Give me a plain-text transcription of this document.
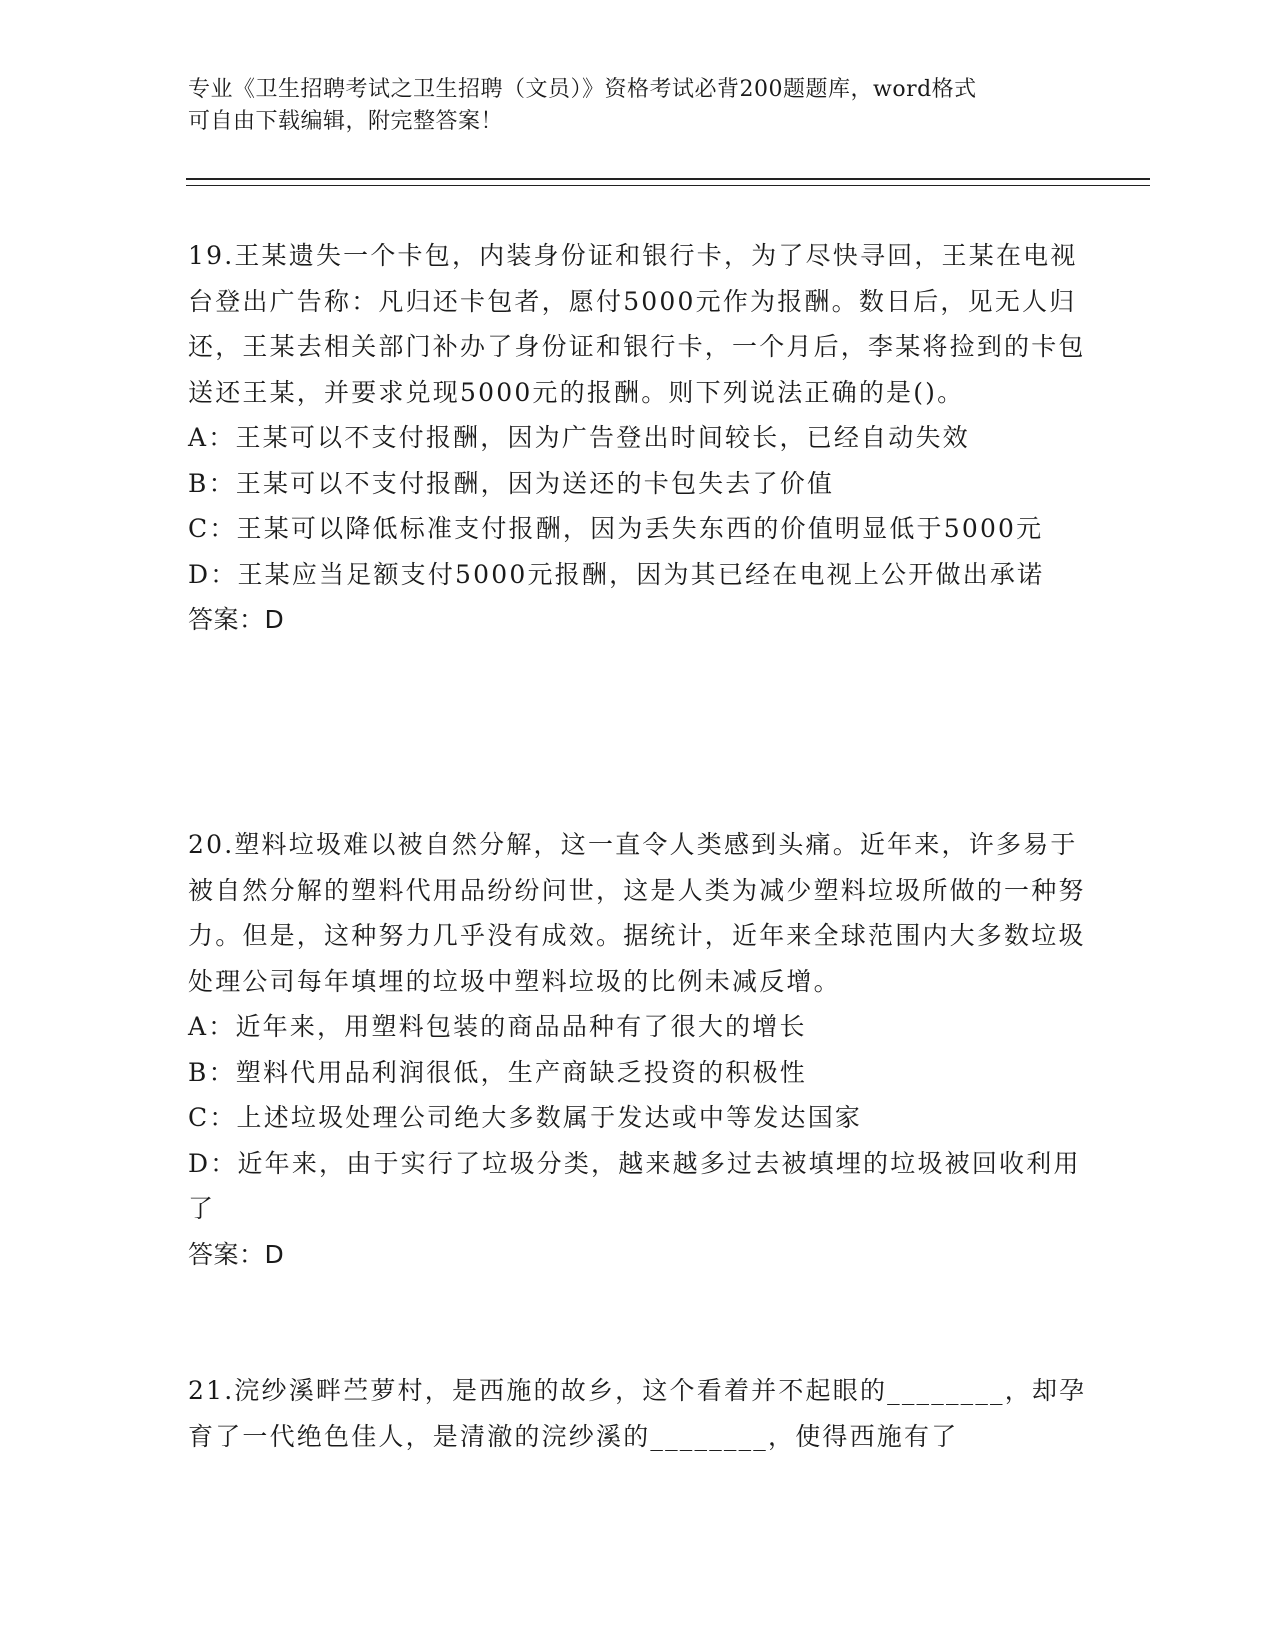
专业《卫生招聘考试之卫生招聘（文员）》资格考试必背200题题库，word格式
可自由下载编辑，附完整答案！

19.王某遗失一个卡包，内装身份证和银行卡，为了尽快寻回，王某在电视台登出广告称：凡归还卡包者，愿付5000元作为报酬。数日后，见无人归还，王某去相关部门补办了身份证和银行卡，一个月后，李某将捡到的卡包送还王某，并要求兑现5000元的报酬。则下列说法正确的是()。

A：王某可以不支付报酬，因为广告登出时间较长，已经自动失效

B：王某可以不支付报酬，因为送还的卡包失去了价值

C：王某可以降低标准支付报酬，因为丢失东西的价值明显低于5000元

D：王某应当足额支付5000元报酬，因为其已经在电视上公开做出承诺

答案：D

20.塑料垃圾难以被自然分解，这一直令人类感到头痛。近年来，许多易于被自然分解的塑料代用品纷纷问世，这是人类为减少塑料垃圾所做的一种努力。但是，这种努力几乎没有成效。据统计，近年来全球范围内大多数垃圾处理公司每年填埋的垃圾中塑料垃圾的比例未减反增。

A：近年来，用塑料包装的商品品种有了很大的增长

B：塑料代用品利润很低，生产商缺乏投资的积极性

C：上述垃圾处理公司绝大多数属于发达或中等发达国家

D：近年来，由于实行了垃圾分类，越来越多过去被填埋的垃圾被回收利用了

答案：D

21.浣纱溪畔苎萝村，是西施的故乡，这个看着并不起眼的________，却孕育了一代绝色佳人，是清澈的浣纱溪的________，使得西施有了
